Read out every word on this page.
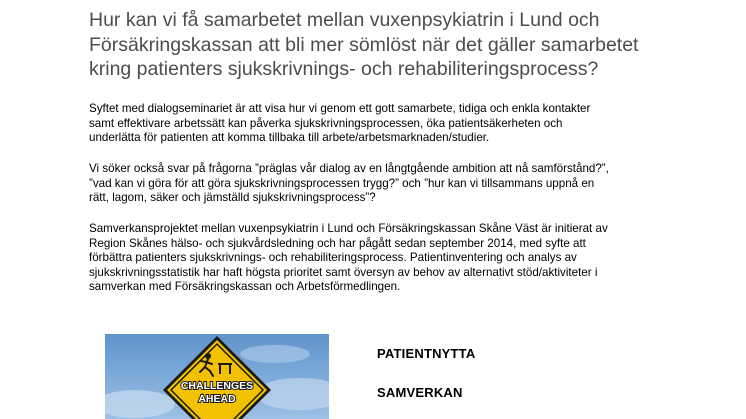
Hur kan vi få samarbetet mellan vuxenpsykiatrin i Lund och
Försäkringskassan att bli mer sömlöst när det gäller samarbetet
kring patienters sjukskrivnings- och rehabiliteringsprocess?

Syftet med dialogseminariet är att visa hur vi genom ett gott samarbete, tidiga och enkla kontakter
samt effektivare arbetssätt kan påverka sjukskrivningsprocessen, öka patientsäkerheten och
underlätta för patienten att komma tillbaka till arbete/arbetsmarknaden/studier.

Vi söker också svar på frågorna ”präglas vår dialog av en långtgående ambition att nå samförstånd?”,
”vad kan vi göra för att göra sjukskrivningsprocessen trygg?” och ”hur kan vi tillsammans uppnå en
rätt, lagom, säker och jämställd sjukskrivningsprocess”?

Samverkansprojektet mellan vuxenpsykiatrin i Lund och Försäkringskassan Skåne Väst är initierat av
Region Skånes hälso- och sjukvårdsledning och har pågått sedan september 2014, med syfte att
förbättra patienters sjukskrivnings- och rehabiliteringsprocess. Patientinventering och analys av
sjukskrivningsstatistik har haft högsta prioritet samt översyn av behov av alternativt stöd/aktiviteter i
samverkan med Försäkringskassan och Arbetsförmedlingen.

CHALLENGES
AHEAD

PATIENTNYTTA

SAMVERKAN
